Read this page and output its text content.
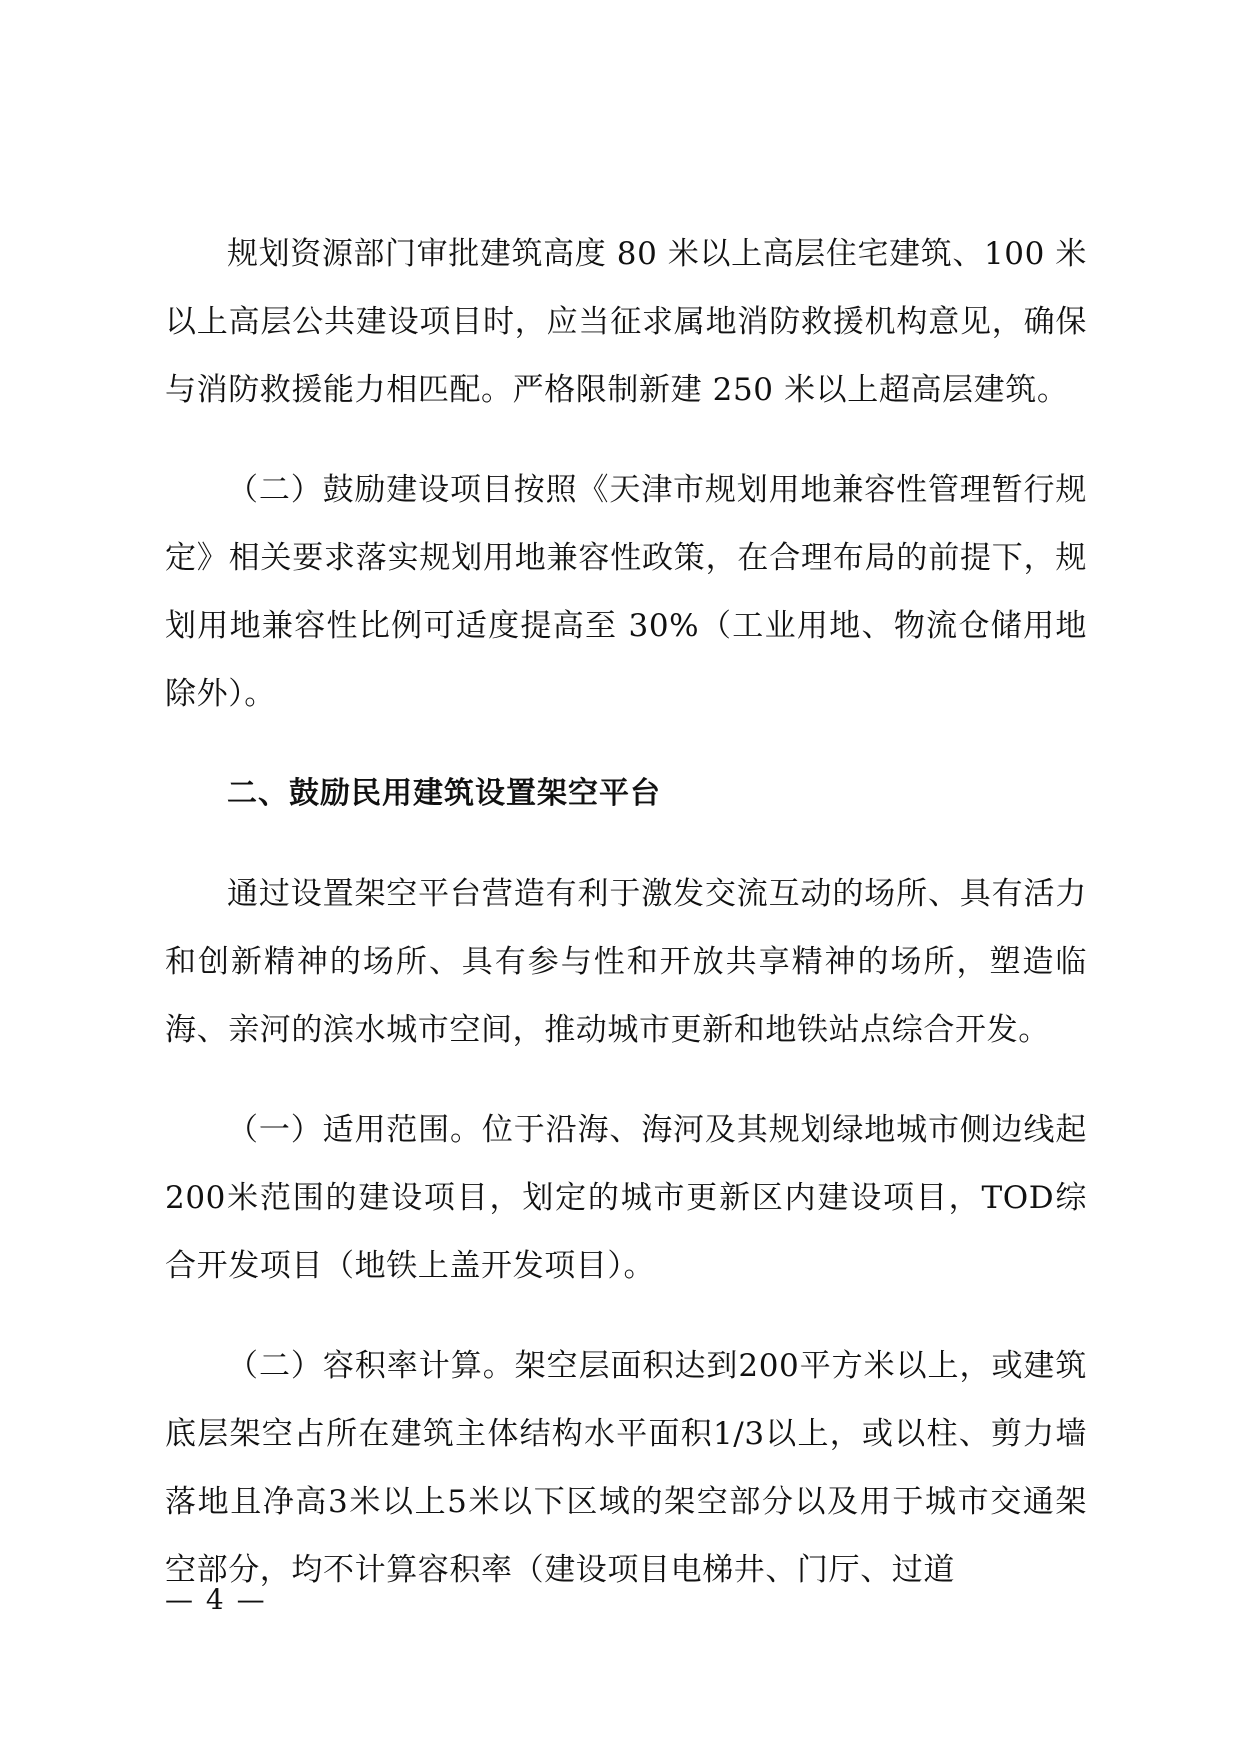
规划资源部门审批建筑高度 80 米以上高层住宅建筑、100 米以上高层公共建设项目时，应当征求属地消防救援机构意见，确保与消防救援能力相匹配。严格限制新建 250 米以上超高层建筑。

（二）鼓励建设项目按照《天津市规划用地兼容性管理暂行规定》相关要求落实规划用地兼容性政策，在合理布局的前提下，规划用地兼容性比例可适度提高至 30%（工业用地、物流仓储用地除外）。

二、鼓励民用建筑设置架空平台

通过设置架空平台营造有利于激发交流互动的场所、具有活力和创新精神的场所、具有参与性和开放共享精神的场所，塑造临海、亲河的滨水城市空间，推动城市更新和地铁站点综合开发。

（一）适用范围。位于沿海、海河及其规划绿地城市侧边线起200米范围的建设项目，划定的城市更新区内建设项目，TOD综合开发项目（地铁上盖开发项目）。

（二）容积率计算。架空层面积达到200平方米以上，或建筑底层架空占所在建筑主体结构水平面积1/3以上，或以柱、剪力墙落地且净高3米以上5米以下区域的架空部分以及用于城市交通架空部分，均不计算容积率（建设项目电梯井、门厅、过道

— 4 —
